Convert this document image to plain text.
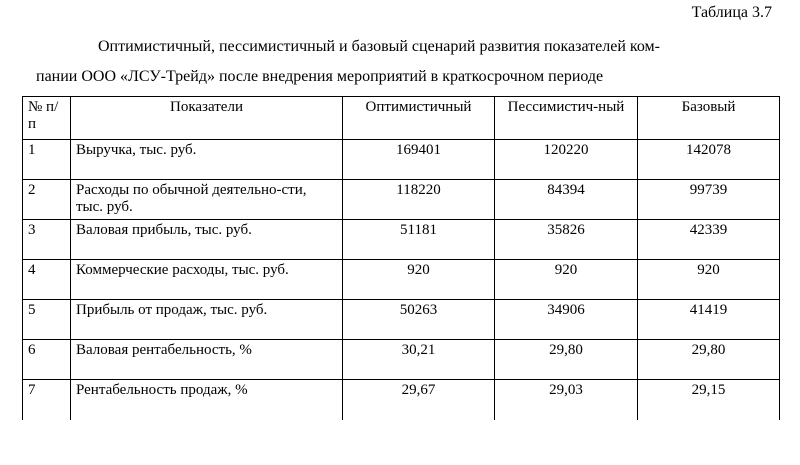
Таблица 3.7
Оптимистичный, пессимистичный и базовый сценарий развития показателей ком-
пании ООО «ЛСУ-Трейд» после внедрения мероприятий в краткосрочном периоде
№ п/п	Показатели	Оптимистичный	Пессимистич-ный	Базовый
1	Выручка, тыс. руб.	169401	120220	142078
2	Расходы по обычной деятельно-сти, тыс. руб.	118220	84394	99739
3	Валовая прибыль, тыс. руб.	51181	35826	42339
4	Коммерческие расходы, тыс. руб.	920	920	920
5	Прибыль от продаж, тыс. руб.	50263	34906	41419
6	Валовая рентабельность, %	30,21	29,80	29,80
7	Рентабельность продаж, %	29,67	29,03	29,15
